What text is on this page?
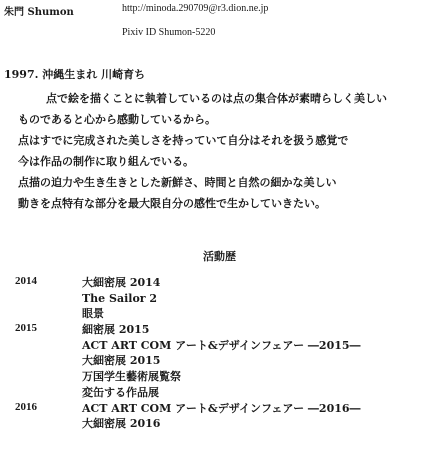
朱門 Shumon	http://minoda.290709@r3.dion.ne.jp
Pixiv ID Shumon-5220
1997. 沖縄生まれ 川崎育ち
点で絵を描くことに執着しているのは点の集合体が素晴らしく美しい
ものであると心から感動しているから。
点はすでに完成された美しさを持っていて自分はそれを扱う感覚で
今は作品の制作に取り組んでいる。
点描の迫力や生き生きとした新鮮さ、時間と自然の細かな美しい
動きを点特有な部分を最大限自分の感性で生かしていきたい。
活動歴
2014	大細密展 2014
The Sailor 2
眼景
2015	細密展 2015
ACT ART COM アート&デザインフェアー ―2015―
大細密展 2015
万国学生藝術展覧祭
変缶する作品展
2016	ACT ART COM アート&デザインフェアー ―2016―
大細密展 2016
